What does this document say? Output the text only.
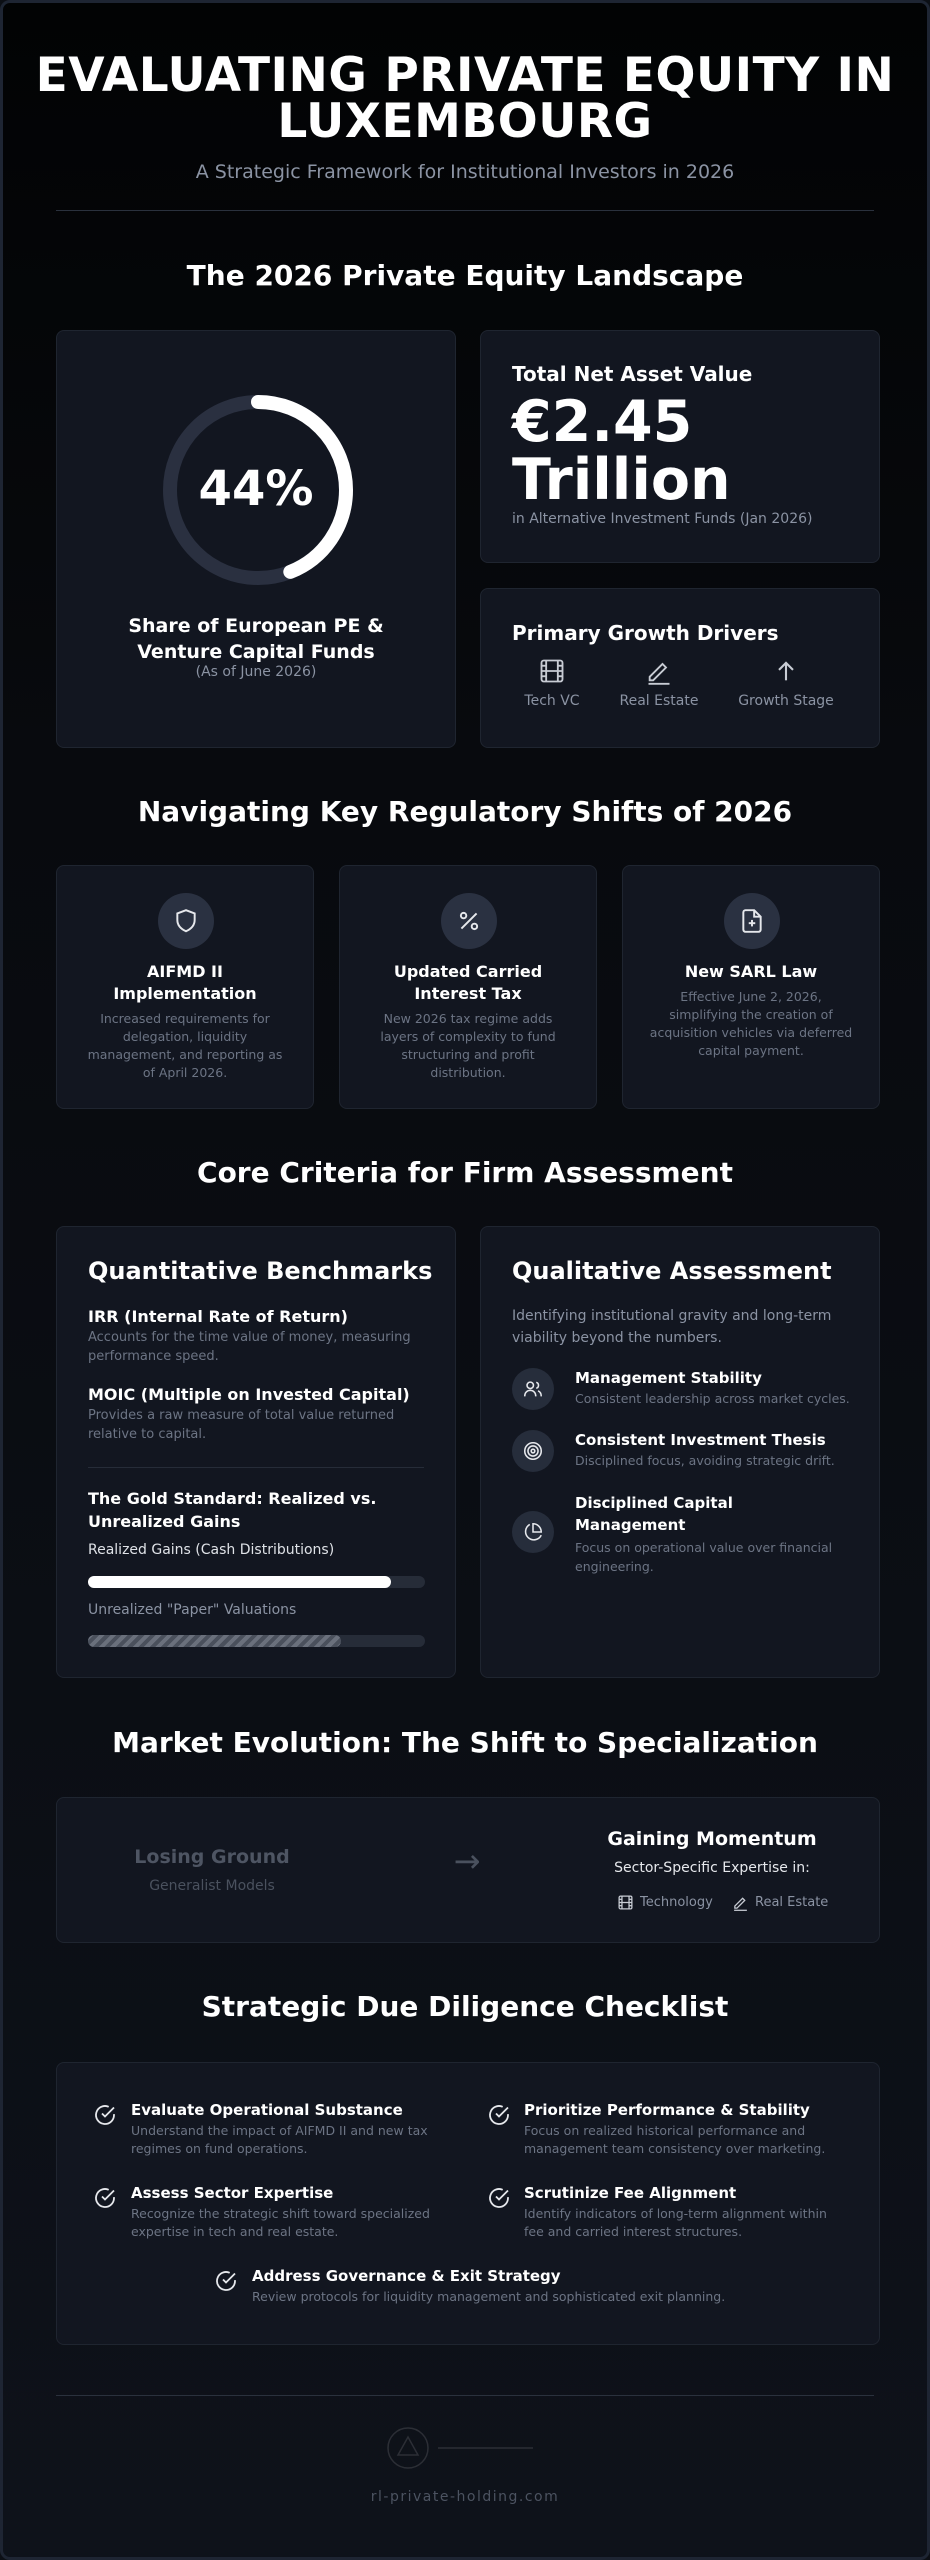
EVALUATING PRIVATE EQUITY IN
LUXEMBOURG
A Strategic Framework for Institutional Investors in 2026
The 2026 Private Equity Landscape
44%
Share of European PE &
Venture Capital Funds
(As of June 2026)
Total Net Asset Value
€2.45
Trillion
in Alternative Investment Funds (Jan 2026)
Primary Growth Drivers
Tech VC	Real Estate	Growth Stage
Navigating Key Regulatory Shifts of 2026
AIFMD II
Implementation
Increased requirements for
delegation, liquidity
management, and reporting as
of April 2026.
Updated Carried
Interest Tax
New 2026 tax regime adds
layers of complexity to fund
structuring and profit
distribution.
New SARL Law
Effective June 2, 2026,
simplifying the creation of
acquisition vehicles via deferred
capital payment.
Core Criteria for Firm Assessment
Quantitative Benchmarks
IRR (Internal Rate of Return)
Accounts for the time value of money, measuring
performance speed.
MOIC (Multiple on Invested Capital)
Provides a raw measure of total value returned
relative to capital.
The Gold Standard: Realized vs.
Unrealized Gains
Realized Gains (Cash Distributions)
Unrealized "Paper" Valuations
Qualitative Assessment
Identifying institutional gravity and long-term
viability beyond the numbers.
Management Stability
Consistent leadership across market cycles.
Consistent Investment Thesis
Disciplined focus, avoiding strategic drift.
Disciplined Capital
Management
Focus on operational value over financial
engineering.
Market Evolution: The Shift to Specialization
Losing Ground
Generalist Models
→
Gaining Momentum
Sector-Specific Expertise in:
Technology	Real Estate
Strategic Due Diligence Checklist
Evaluate Operational Substance
Understand the impact of AIFMD II and new tax
regimes on fund operations.
Prioritize Performance & Stability
Focus on realized historical performance and
management team consistency over marketing.
Assess Sector Expertise
Recognize the strategic shift toward specialized
expertise in tech and real estate.
Scrutinize Fee Alignment
Identify indicators of long-term alignment within
fee and carried interest structures.
Address Governance & Exit Strategy
Review protocols for liquidity management and sophisticated exit planning.
rl-private-holding.com
